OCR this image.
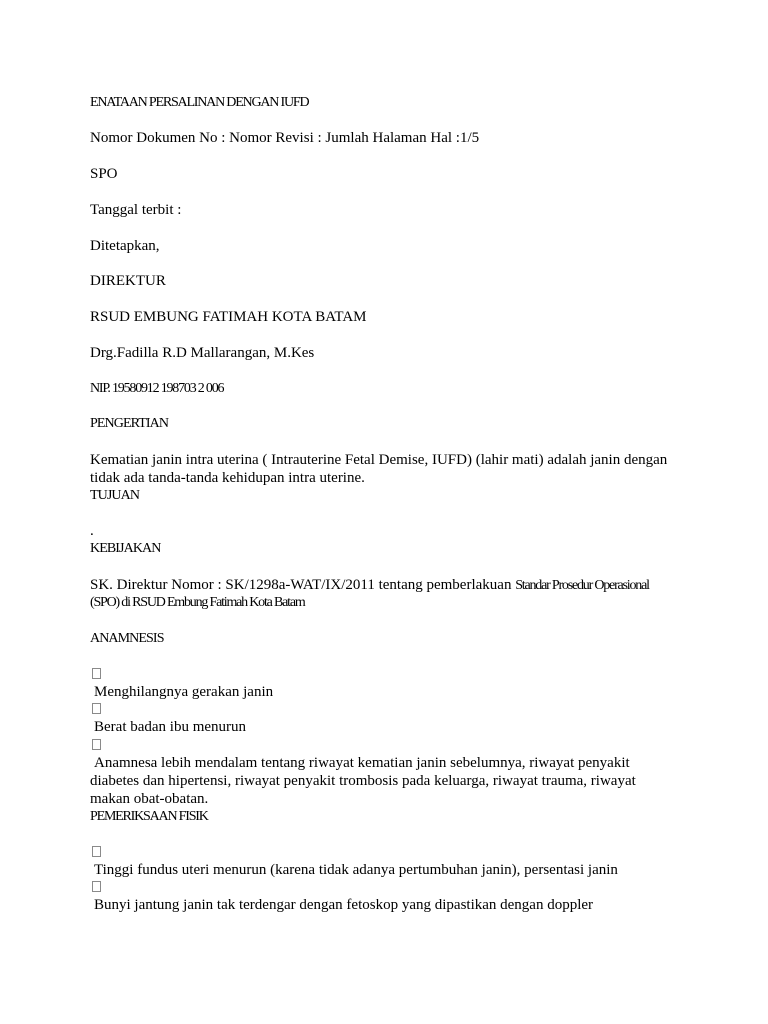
ENATAAN PERSALINAN DENGAN IUFD
Nomor Dokumen No : Nomor Revisi : Jumlah Halaman Hal :1/5
SPO
Tanggal terbit :
Ditetapkan,
DIREKTUR
RSUD EMBUNG FATIMAH KOTA BATAM
Drg.Fadilla R.D Mallarangan, M.Kes
NIP. 19580912 198703 2 006
PENGERTIAN
Kematian janin intra uterina ( Intrauterine Fetal Demise, IUFD) (lahir mati) adalah janin dengan
tidak ada tanda-tanda kehidupan intra uterine.
TUJUAN
.
KEBIJAKAN
SK. Direktur Nomor : SK/1298a-WAT/IX/2011 tentang pemberlakuan Standar Prosedur Operasional
(SPO) di RSUD Embung Fatimah Kota Batam
ANAMNESIS
Menghilangnya gerakan janin
Berat badan ibu menurun
Anamnesa lebih mendalam tentang riwayat kematian janin sebelumnya, riwayat penyakit
diabetes dan hipertensi, riwayat penyakit trombosis pada keluarga, riwayat trauma, riwayat
makan obat-obatan.
PEMERIKSAAN FISIK
Tinggi fundus uteri menurun (karena tidak adanya pertumbuhan janin), persentasi janin
Bunyi jantung janin tak terdengar dengan fetoskop yang dipastikan dengan doppler
